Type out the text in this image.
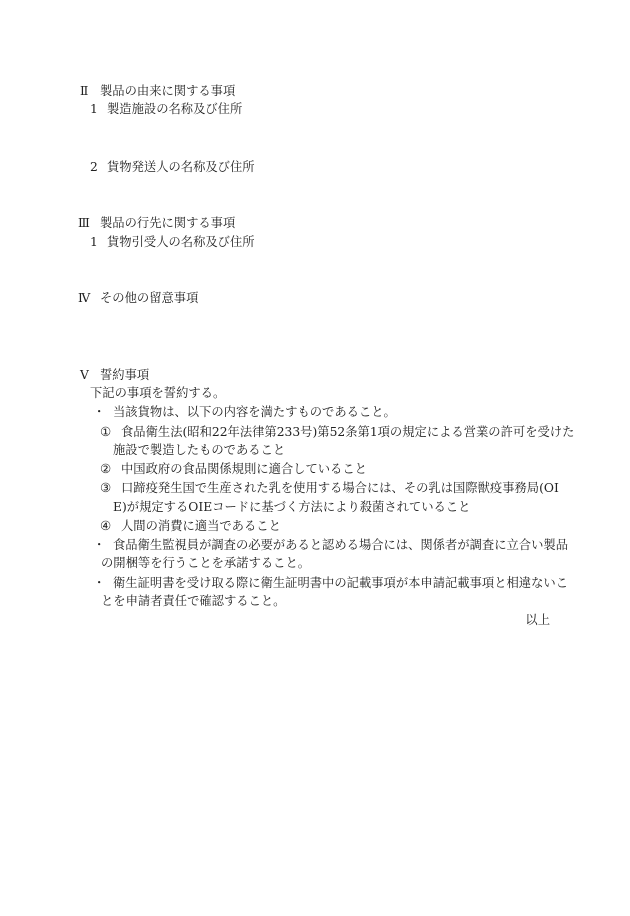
Ⅱ 製品の由来に関する事項
1 製造施設の名称及び住所
2 貨物発送人の名称及び住所
Ⅲ 製品の行先に関する事項
1 貨物引受人の名称及び住所
Ⅳ その他の留意事項
Ⅴ 誓約事項
下記の事項を誓約する。
・ 当該貨物は、以下の内容を満たすものであること。
① 食品衛生法(昭和22年法律第233号)第52条第1項の規定による営業の許可を受けた
施設で製造したものであること
② 中国政府の食品関係規則に適合していること
③ 口蹄疫発生国で生産された乳を使用する場合には、その乳は国際獣疫事務局(OI
E)が規定するOIEコードに基づく方法により殺菌されていること
④ 人間の消費に適当であること
・ 食品衛生監視員が調査の必要があると認める場合には、関係者が調査に立合い製品
の開梱等を行うことを承諾すること。
・ 衛生証明書を受け取る際に衛生証明書中の記載事項が本申請記載事項と相違ないこ
とを申請者責任で確認すること。
以上
